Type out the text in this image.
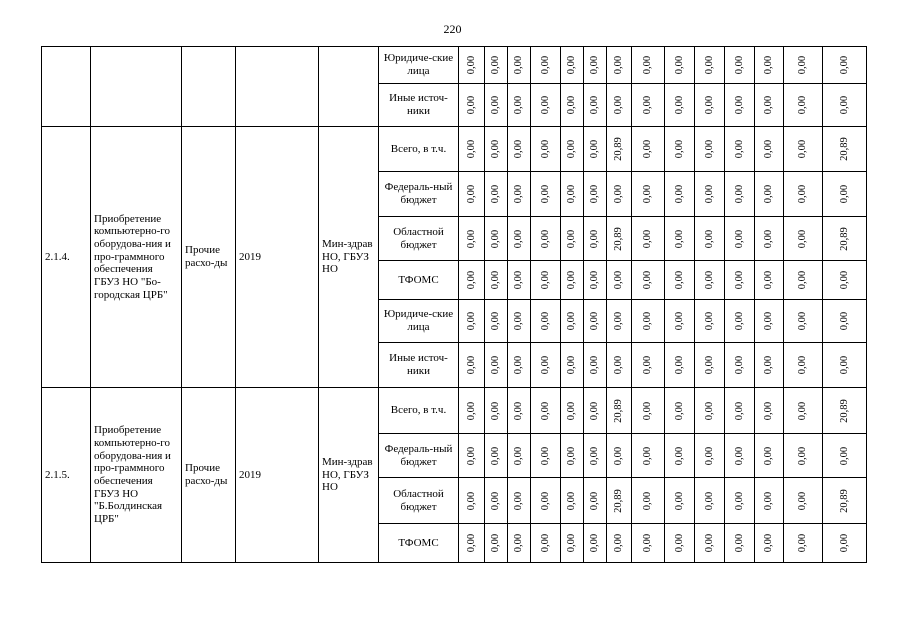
220
					Юридиче-ские лица	0,00	0,00	0,00	0,00	0,00	0,00	0,00	0,00	0,00	0,00	0,00	0,00	0,00	0,00

					Иные источ-ники	0,00	0,00	0,00	0,00	0,00	0,00	0,00	0,00	0,00	0,00	0,00	0,00	0,00	0,00

2.1.4.	Приобретение компьютерно-го оборудова-ния и про-граммного обеспечения ГБУЗ НО "Бо-городская ЦРБ"	Прочие расхо-ды	2019	Мин-здрав НО, ГБУЗ НО	Всего, в т.ч.	0,00	0,00	0,00	0,00	0,00	0,00	20,89	0,00	0,00	0,00	0,00	0,00	0,00	20,89

					Федераль-ный бюджет	0,00	0,00	0,00	0,00	0,00	0,00	0,00	0,00	0,00	0,00	0,00	0,00	0,00	0,00

					Областной бюджет	0,00	0,00	0,00	0,00	0,00	0,00	20,89	0,00	0,00	0,00	0,00	0,00	0,00	20,89

					ТФОМС	0,00	0,00	0,00	0,00	0,00	0,00	0,00	0,00	0,00	0,00	0,00	0,00	0,00	0,00

					Юридиче-ские лица	0,00	0,00	0,00	0,00	0,00	0,00	0,00	0,00	0,00	0,00	0,00	0,00	0,00	0,00

					Иные источ-ники	0,00	0,00	0,00	0,00	0,00	0,00	0,00	0,00	0,00	0,00	0,00	0,00	0,00	0,00

2.1.5.	Приобретение компьютерно-го оборудова-ния и про-граммного обеспечения ГБУЗ НО "Б.Болдинская ЦРБ"	Прочие расхо-ды	2019	Мин-здрав НО, ГБУЗ НО	Всего, в т.ч.	0,00	0,00	0,00	0,00	0,00	0,00	20,89	0,00	0,00	0,00	0,00	0,00	0,00	20,89

					Федераль-ный бюджет	0,00	0,00	0,00	0,00	0,00	0,00	0,00	0,00	0,00	0,00	0,00	0,00	0,00	0,00

					Областной бюджет	0,00	0,00	0,00	0,00	0,00	0,00	20,89	0,00	0,00	0,00	0,00	0,00	0,00	20,89

					ТФОМС	0,00	0,00	0,00	0,00	0,00	0,00	0,00	0,00	0,00	0,00	0,00	0,00	0,00	0,00
